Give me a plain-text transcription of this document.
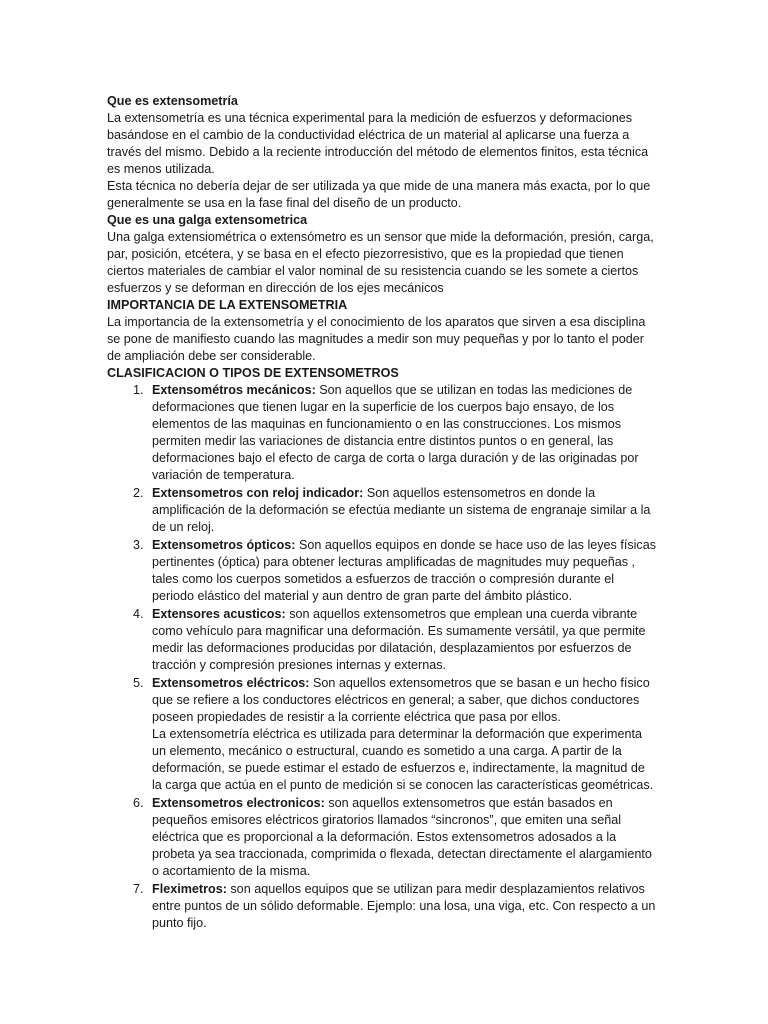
Que es extensometría

La extensometría es una técnica experimental para la medición de esfuerzos y deformaciones basándose en el cambio de la conductividad eléctrica de un material al aplicarse una fuerza a través del mismo. Debido a la reciente introducción del método de elementos finitos, esta técnica es menos utilizada.

Esta técnica no debería dejar de ser utilizada ya que mide de una manera más exacta, por lo que generalmente se usa en la fase final del diseño de un producto.

Que es una galga extensometrica

Una galga extensiométrica o extensómetro es un sensor que mide la deformación, presión, carga, par, posición, etcétera, y se basa en el efecto piezorresistivo, que es la propiedad que tienen ciertos materiales de cambiar el valor nominal de su resistencia cuando se les somete a ciertos esfuerzos y se deforman en dirección de los ejes mecánicos

IMPORTANCIA DE LA EXTENSOMETRIA

La importancia de la extensometría y el conocimiento de los aparatos que sirven a esa disciplina se pone de manifiesto cuando las magnitudes a medir son muy pequeñas y por lo tanto el poder de ampliación debe ser considerable.

CLASIFICACION O TIPOS DE EXTENSOMETROS

1. Extensométros mecánicos: Son aquellos que se utilizan en todas las mediciones de deformaciones que tienen lugar en la superficie de los cuerpos bajo ensayo, de los elementos de las maquinas en funcionamiento o en las construcciones. Los mismos permiten medir las variaciones de distancia entre distintos puntos o en general, las deformaciones bajo el efecto de carga de corta o larga duración y de las originadas por variación de temperatura.
2. Extensometros con reloj indicador: Son aquellos estensometros en donde la amplificación de la deformación se efectúa mediante un sistema de engranaje similar a la de un reloj.
3. Extensometros ópticos: Son aquellos equipos en donde se hace uso de las leyes físicas pertinentes (óptica) para obtener lecturas amplificadas de magnitudes muy pequeñas , tales como los cuerpos sometidos a esfuerzos de tracción o compresión durante el periodo elástico del material y aun dentro de gran parte del ámbito plástico.
4. Extensores acusticos: son aquellos extensometros que emplean una cuerda vibrante como vehículo para magnificar una deformación. Es sumamente versátil, ya que permite medir las deformaciones producidas por dilatación, desplazamientos por esfuerzos de tracción y compresión presiones internas y externas.
5. Extensometros eléctricos: Son aquellos extensometros que se basan e un hecho físico que se refiere a los conductores eléctricos en general; a saber, que dichos conductores poseen propiedades de resistir a la corriente eléctrica que pasa por ellos.

La extensometría eléctrica es utilizada para determinar la deformación que experimenta un elemento, mecánico o estructural, cuando es sometido a una carga. A partir de la deformación, se puede estimar el estado de esfuerzos e, indirectamente, la magnitud de la carga que actúa en el punto de medición si se conocen las características geométricas.

6. Extensometros electronicos: son aquellos extensometros que están basados en pequeños emisores eléctricos giratorios llamados “sincronos”, que emiten una señal eléctrica que es proporcional a la deformación. Estos extensometros adosados a la probeta ya sea traccionada, comprimida o flexada, detectan directamente el alargamiento o acortamiento de la misma.
7. Fleximetros: son aquellos equipos que se utilizan para medir desplazamientos relativos entre puntos de un sólido deformable. Ejemplo: una losa, una viga, etc. Con respecto a un punto fijo.
